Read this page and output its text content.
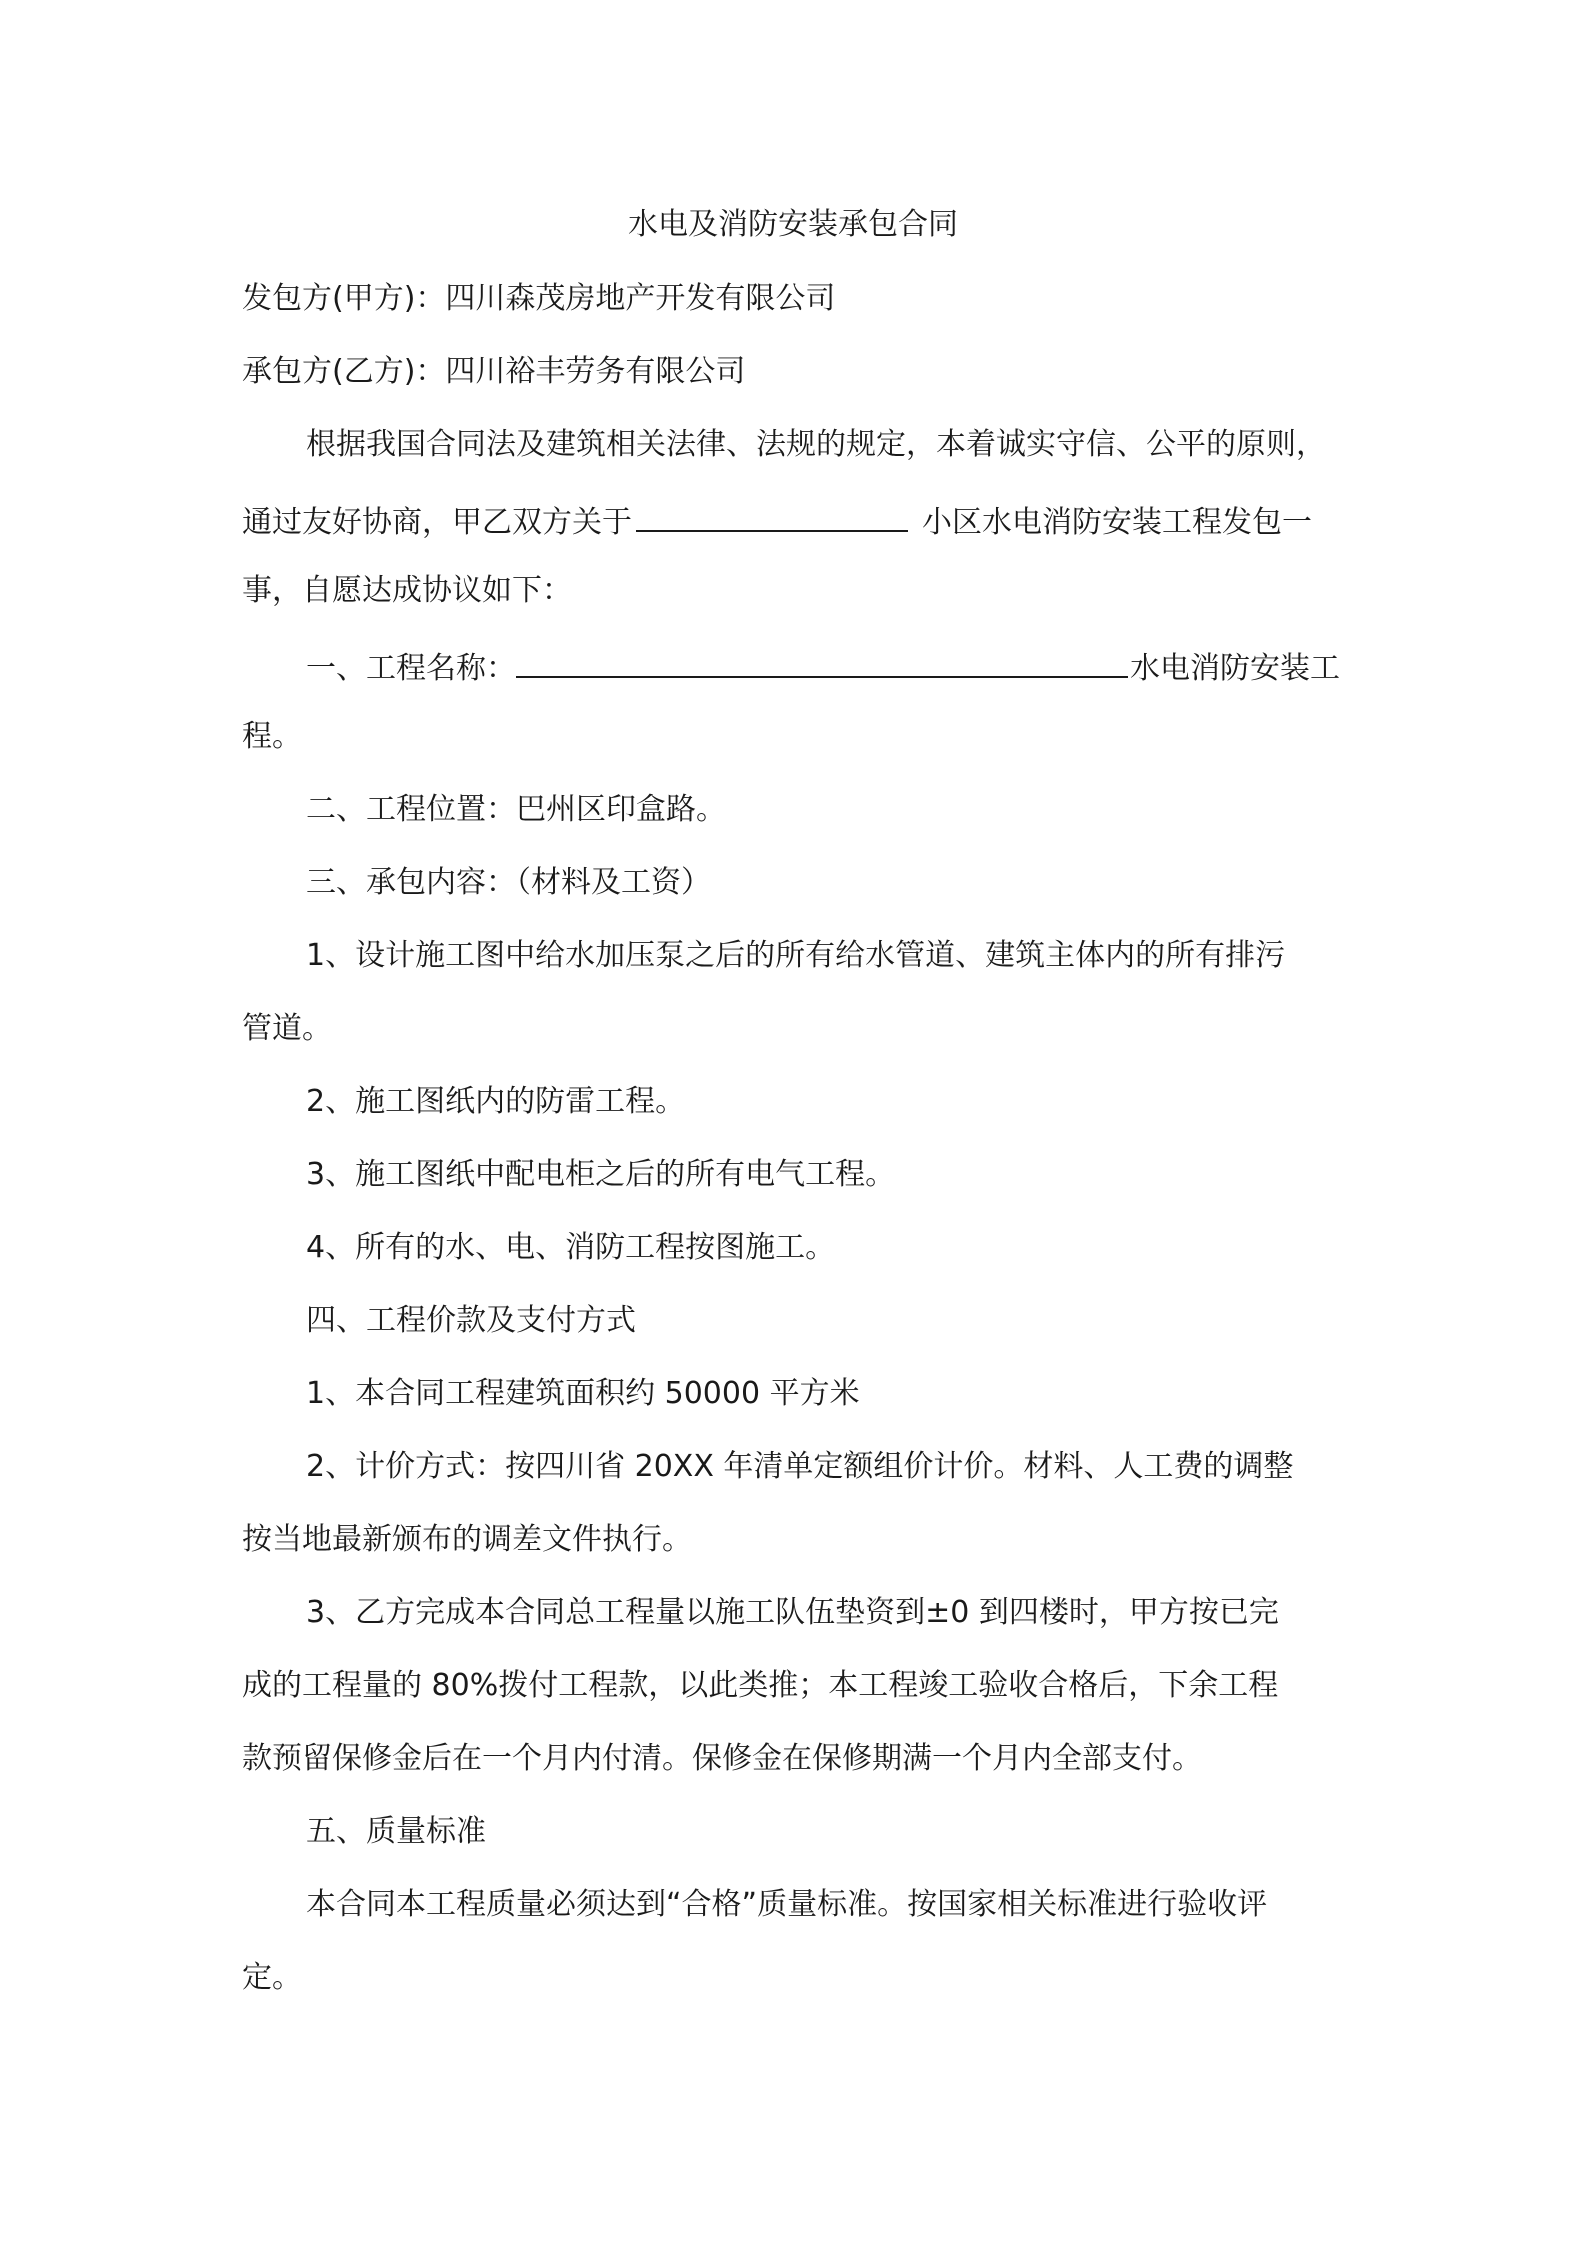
水电及消防安装承包合同
发包方(甲方)：四川森茂房地产开发有限公司
承包方(乙方)：四川裕丰劳务有限公司
根据我国合同法及建筑相关法律、法规的规定，本着诚实守信、公平的原则，
通过友好协商，甲乙双方关于	小区水电消防安装工程发包一
事，自愿达成协议如下：
一、工程名称：	水电消防安装工
程。
二、工程位置：巴州区印盒路。
三、承包内容：（材料及工资）
1、设计施工图中给水加压泵之后的所有给水管道、建筑主体内的所有排污
管道。
2、施工图纸内的防雷工程。
3、施工图纸中配电柜之后的所有电气工程。
4、所有的水、电、消防工程按图施工。
四、工程价款及支付方式
1、本合同工程建筑面积约 50000 平方米
2、计价方式：按四川省 20XX 年清单定额组价计价。材料、人工费的调整
按当地最新颁布的调差文件执行。
3、乙方完成本合同总工程量以施工队伍垫资到±0 到四楼时，甲方按已完
成的工程量的 80%拨付工程款，以此类推；本工程竣工验收合格后，下余工程
款预留保修金后在一个月内付清。保修金在保修期满一个月内全部支付。
五、质量标准
本合同本工程质量必须达到“合格”质量标准。按国家相关标准进行验收评
定。
